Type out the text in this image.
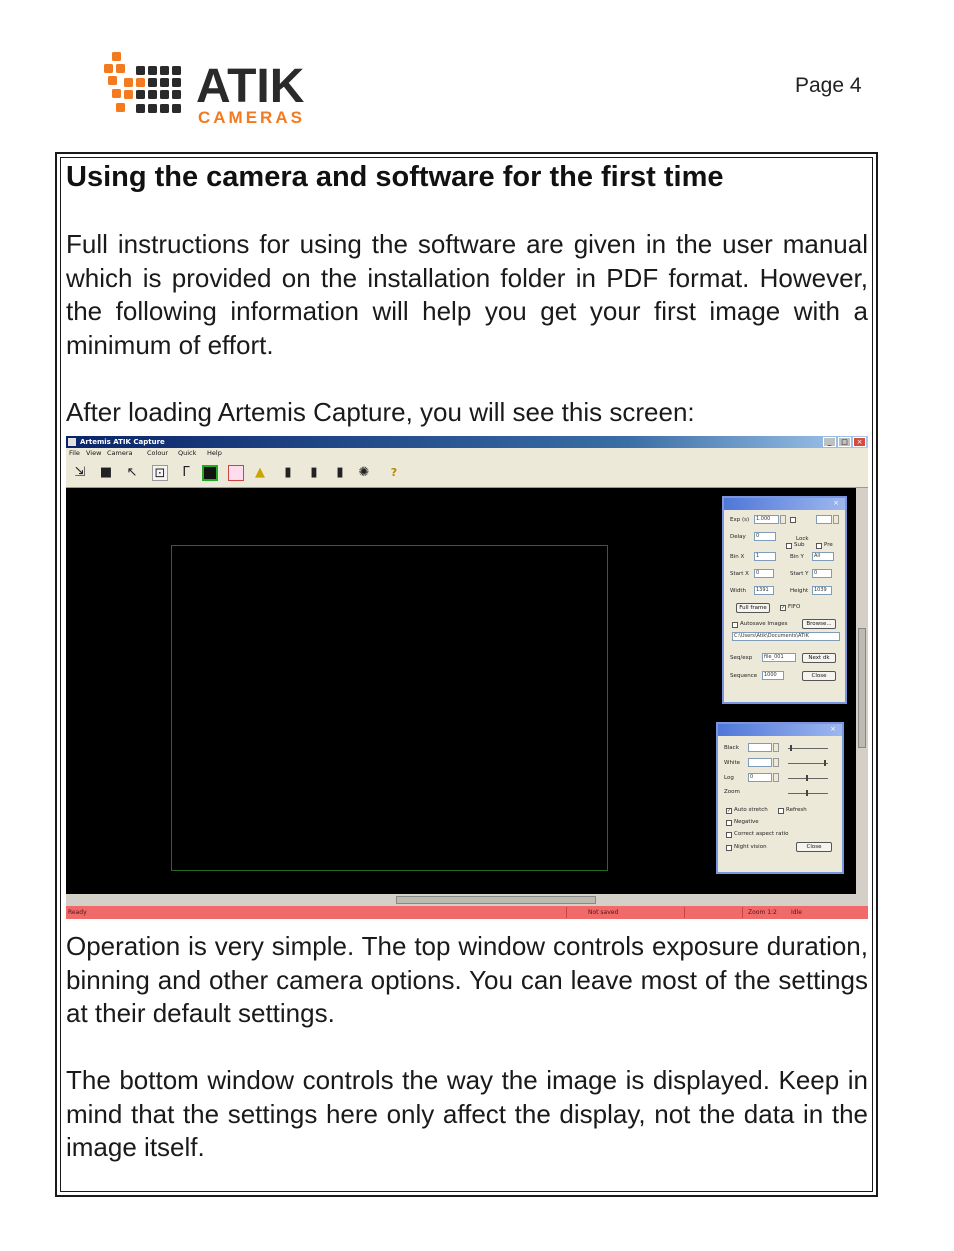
ATIK
CAMERAS
Page 4
Using the camera and software for the first time
Full instructions for using the software are given in the user manual which is provided on the installation folder in PDF format. However, the following information will help you get your first image with a minimum of effort.
After loading Artemis Capture, you will see this screen:
Artemis ATIK Capture	_	□	×
File View Camera Colour Quick Help
⇲ ■ ↖ ⊡	Γ	▲	▮	▮	▮	✺	?
×
Exp (s)	1.000
Lock
Delay	0
Sub	Pre
Bin X	1	Bin Y	All
Start X	0	Start Y	0
Width	1391	Height	1039
Full frame	✓ FIFO
Autosave Images	Browse...
C:\Users\Atik\Documents\ATIK
Seq/exp	file_001	Next dk
Sequence	1000	Close
×
Black
White
Log	0
Zoom
✓ Auto stretch	Refresh
Negative
Correct aspect ratio
Night vision	Close
Ready	Not saved	Zoom 1:2 Idle
Operation is very simple. The top window controls exposure duration, binning and other camera options. You can leave most of the settings at their default settings.
The bottom window controls the way the image is displayed. Keep in mind that the settings here only affect the display, not the data in the image itself.
